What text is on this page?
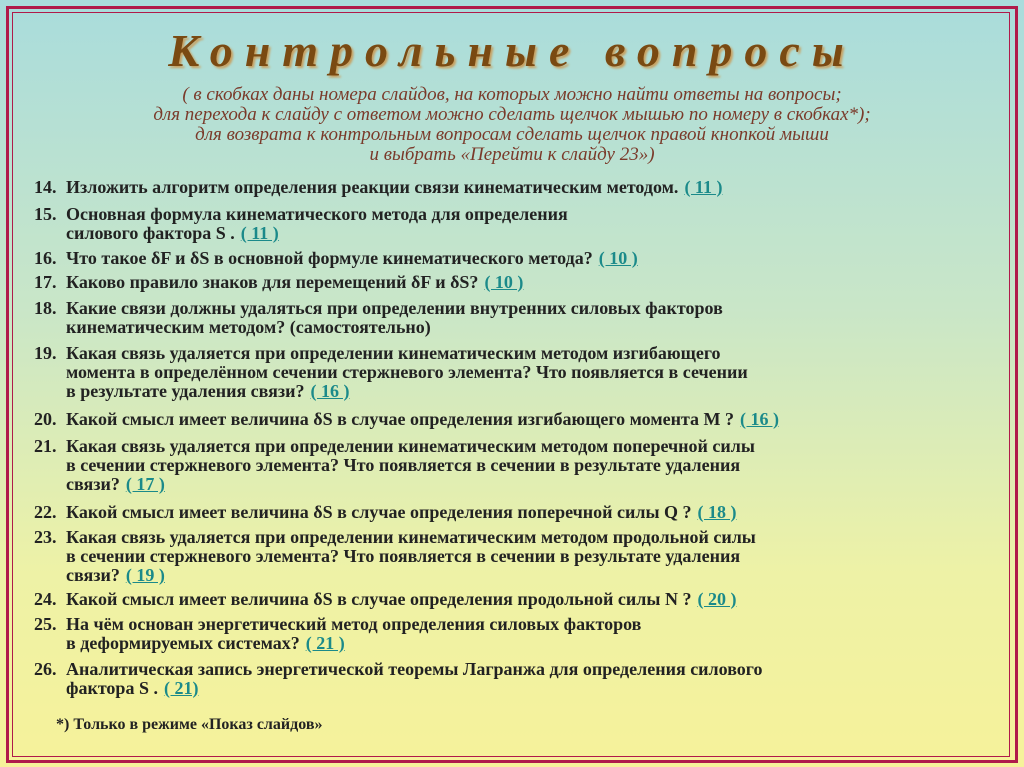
Контрольные вопросы
( в скобках даны номера слайдов, на которых можно найти ответы на вопросы;
для перехода к слайду с ответом можно сделать щелчок мышью по номеру в скобках*);
для возврата к контрольным вопросам сделать щелчок правой кнопкой мыши
и выбрать «Перейти к слайду 23»)
14. Изложить алгоритм определения реакции связи кинематическим методом. ( 11 )
15. Основная формула кинематического метода для определения
силового фактора S . ( 11 )
16. Что такое δF и δS в основной формуле кинематического метода? ( 10 )
17. Каково правило знаков для перемещений δF и δS? ( 10 )
18. Какие связи должны удаляться при определении внутренних силовых факторов
кинематическим методом? (самостоятельно)
19. Какая связь удаляется при определении кинематическим методом изгибающего
момента в определённом сечении стержневого элемента? Что появляется в сечении
в результате удаления связи? ( 16 )
20. Какой смысл имеет величина δS в случае определения изгибающего момента M ? ( 16 )
21. Какая связь удаляется при определении кинематическим методом поперечной силы
в сечении стержневого элемента? Что появляется в сечении в результате удаления
связи? ( 17 )
22. Какой смысл имеет величина δS в случае определения поперечной силы Q ? ( 18 )
23. Какая связь удаляется при определении кинематическим методом продольной силы
в сечении стержневого элемента? Что появляется в сечении в результате удаления
связи? ( 19 )
24. Какой смысл имеет величина δS в случае определения продольной силы N ? ( 20 )
25. На чём основан энергетический метод определения силовых факторов
в деформируемых системах? ( 21 )
26. Аналитическая запись энергетической теоремы Лагранжа для определения силового
фактора S . ( 21)
*) Только в режиме «Показ слайдов»
